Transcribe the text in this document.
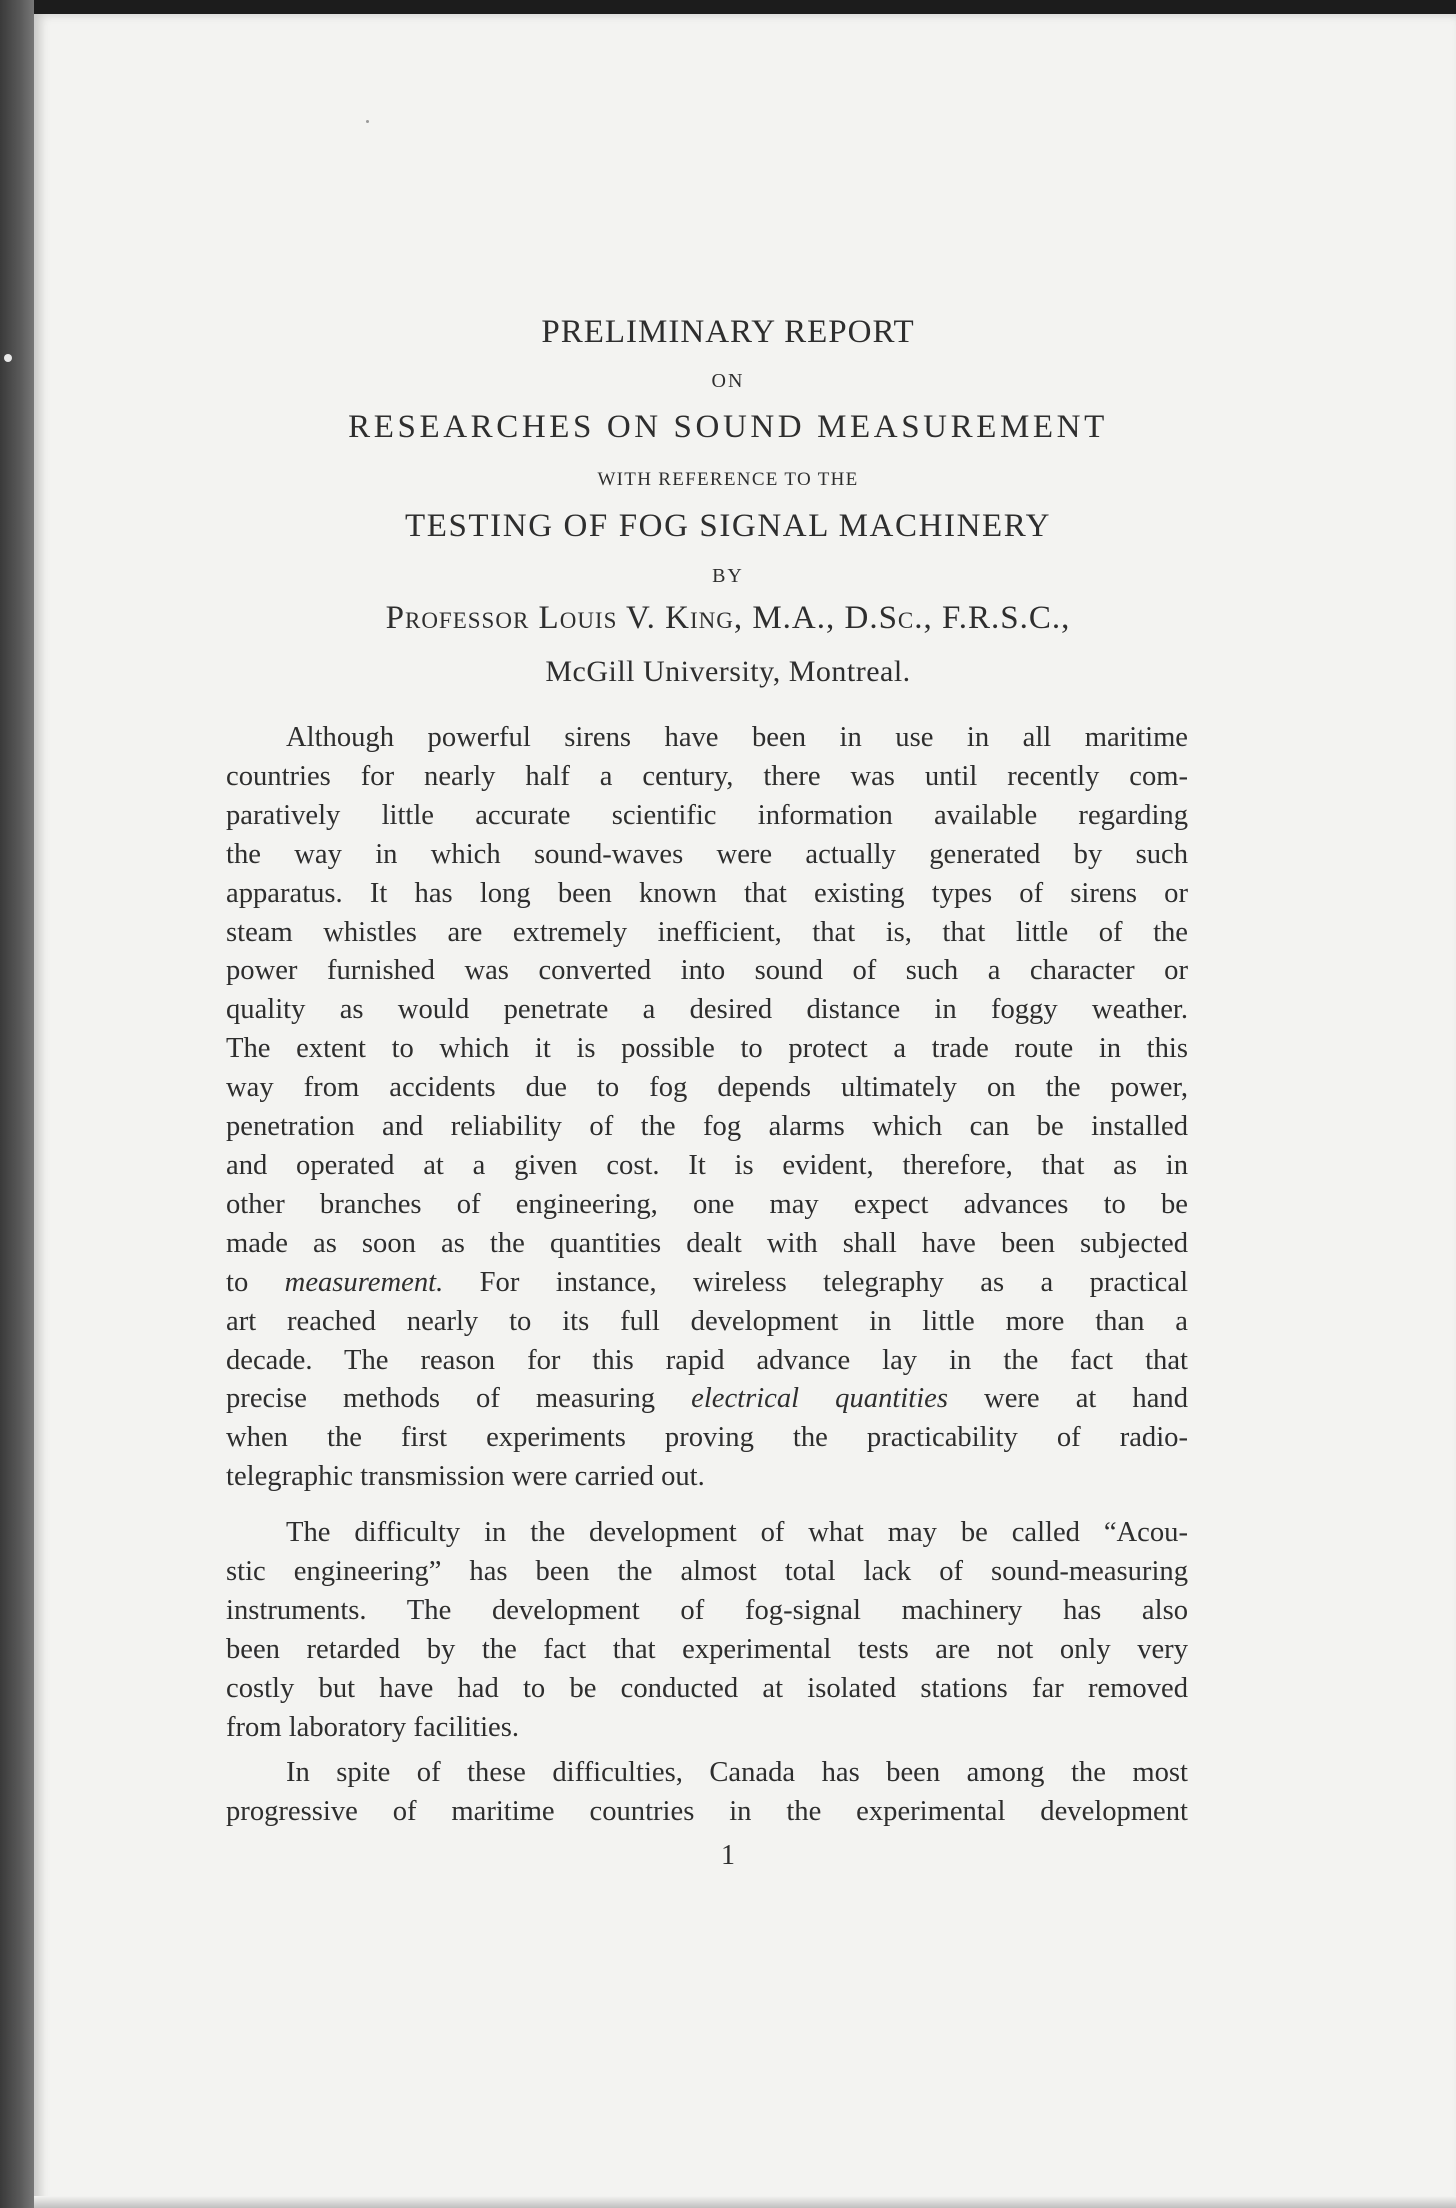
PRELIMINARY REPORT
ON
RESEARCHES ON SOUND MEASUREMENT
WITH REFERENCE TO THE
TESTING OF FOG SIGNAL MACHINERY
BY
Professor Louis V. King, M.A., D.Sc., F.R.S.C.,
McGill University, Montreal.
Although powerful sirens have been in use in all maritime
countries for nearly half a century, there was until recently com-
paratively little accurate scientific information available regarding
the way in which sound-waves were actually generated by such
apparatus. It has long been known that existing types of sirens or
steam whistles are extremely inefficient, that is, that little of the
power furnished was converted into sound of such a character or
quality as would penetrate a desired distance in foggy weather.
The extent to which it is possible to protect a trade route in this
way from accidents due to fog depends ultimately on the power,
penetration and reliability of the fog alarms which can be installed
and operated at a given cost. It is evident, therefore, that as in
other branches of engineering, one may expect advances to be
made as soon as the quantities dealt with shall have been subjected
to measurement. For instance, wireless telegraphy as a practical
art reached nearly to its full development in little more than a
decade. The reason for this rapid advance lay in the fact that
precise methods of measuring electrical quantities were at hand
when the first experiments proving the practicability of radio-
telegraphic transmission were carried out.
The difficulty in the development of what may be called “Acou-
stic engineering” has been the almost total lack of sound-measuring
instruments. The development of fog-signal machinery has also
been retarded by the fact that experimental tests are not only very
costly but have had to be conducted at isolated stations far removed
from laboratory facilities.
In spite of these difficulties, Canada has been among the most
progressive of maritime countries in the experimental development
1
